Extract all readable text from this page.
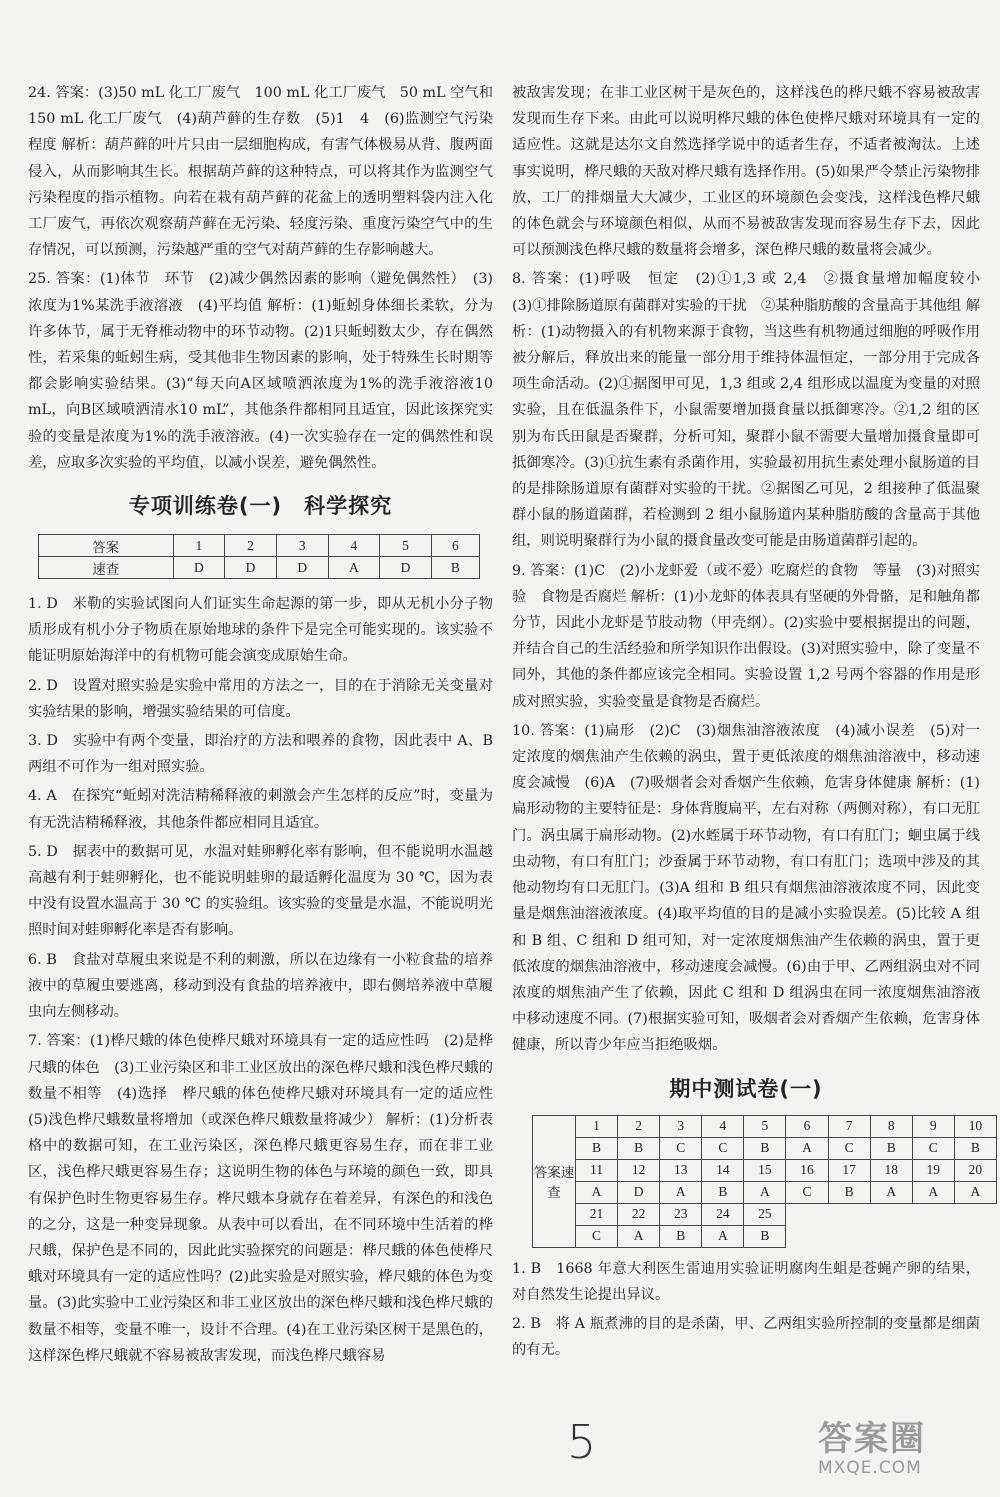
24. 答案：(3)50 mL 化工厂废气　100 mL 化工厂废气　50 mL 空气和150 mL 化工厂废气　(4)葫芦藓的生存数　(5)1　4　(6)监测空气污染程度 解析：葫芦藓的叶片只由一层细胞构成，有害气体极易从背、腹两面侵入，从而影响其生长。根据葫芦藓的这种特点，可以将其作为监测空气污染程度的指示植物。向若在栽有葫芦藓的花盆上的透明塑料袋内注入化工厂废气，再依次观察葫芦藓在无污染、轻度污染、重度污染空气中的生存情况，可以预测，污染越严重的空气对葫芦藓的生存影响越大。

25. 答案：(1)体节　环节　(2)减少偶然因素的影响（避免偶然性）　(3)浓度为1%某洗手液溶液　(4)平均值 解析：(1)蚯蚓身体细长柔软，分为许多体节，属于无脊椎动物中的环节动物。(2)1只蚯蚓数太少，存在偶然性，若采集的蚯蚓生病，受其他非生物因素的影响，处于特殊生长时期等都会影响实验结果。(3)“每天向A区域喷洒浓度为1%的洗手液溶液10 mL，向B区域喷洒清水10 mL”，其他条件都相同且适宜，因此该探究实验的变量是浓度为1%的洗手液溶液。(4)一次实验存在一定的偶然性和误差，应取多次实验的平均值，以减小误差，避免偶然性。

专项训练卷(一)　科学探究
答案	1	2	3	4	5	6
速查	D	D	D	A	D	B

1. D　米勒的实验试图向人们证实生命起源的第一步，即从无机小分子物质形成有机小分子物质在原始地球的条件下是完全可能实现的。该实验不能证明原始海洋中的有机物可能会演变成原始生命。

2. D　设置对照实验是实验中常用的方法之一，目的在于消除无关变量对实验结果的影响，增强实验结果的可信度。

3. D　实验中有两个变量，即治疗的方法和喂养的食物，因此表中 A、B 两组不可作为一组对照实验。

4. A　在探究“蚯蚓对洗洁精稀释液的刺激会产生怎样的反应”时，变量为有无洗洁精稀释液，其他条件都应相同且适宜。

5. D　据表中的数据可见，水温对蛙卵孵化率有影响，但不能说明水温越高越有利于蛙卵孵化，也不能说明蛙卵的最适孵化温度为 30 ℃，因为表中没有设置水温高于 30 ℃ 的实验组。该实验的变量是水温，不能说明光照时间对蛙卵孵化率是否有影响。

6. B　食盐对草履虫来说是不利的刺激，所以在边缘有一小粒食盐的培养液中的草履虫要逃离，移动到没有食盐的培养液中，即右侧培养液中草履虫向左侧移动。

7. 答案：(1)桦尺蛾的体色使桦尺蛾对环境具有一定的适应性吗　(2)是桦尺蛾的体色　(3)工业污染区和非工业区放出的深色桦尺蛾和浅色桦尺蛾的数量不相等　(4)选择　桦尺蛾的体色使桦尺蛾对环境具有一定的适应性　(5)浅色桦尺蛾数量将增加（或深色桦尺蛾数量将减少） 解析：(1)分析表格中的数据可知，在工业污染区，深色桦尺蛾更容易生存，而在非工业区，浅色桦尺蛾更容易生存；这说明生物的体色与环境的颜色一致，即具有保护色时生物更容易生存。桦尺蛾本身就存在着差异，有深色的和浅色的之分，这是一种变异现象。从表中可以看出，在不同环境中生活着的桦尺蛾，保护色是不同的，因此此实验探究的问题是：桦尺蛾的体色使桦尺蛾对环境具有一定的适应性吗？(2)此实验是对照实验，桦尺蛾的体色为变量。(3)此实验中工业污染区和非工业区放出的深色桦尺蛾和浅色桦尺蛾的数量不相等，变量不唯一，设计不合理。(4)在工业污染区树干是黑色的，这样深色桦尺蛾就不容易被敌害发现，而浅色桦尺蛾容易

被敌害发现；在非工业区树干是灰色的，这样浅色的桦尺蛾不容易被敌害发现而生存下来。由此可以说明桦尺蛾的体色使桦尺蛾对环境具有一定的适应性。这就是达尔文自然选择学说中的适者生存，不适者被淘汰。上述事实说明，桦尺蛾的天敌对桦尺蛾有选择作用。(5)如果严令禁止污染物排放，工厂的排烟量大大减少，工业区的环境颜色会变浅，这样浅色桦尺蛾的体色就会与环境颜色相似，从而不易被敌害发现而容易生存下去，因此可以预测浅色桦尺蛾的数量将会增多，深色桦尺蛾的数量将会减少。

8. 答案：(1)呼吸　恒定　(2)①1,3 或 2,4　②摄食量增加幅度较小　(3)①排除肠道原有菌群对实验的干扰　②某种脂肪酸的含量高于其他组 解析：(1)动物摄入的有机物来源于食物，当这些有机物通过细胞的呼吸作用被分解后，释放出来的能量一部分用于维持体温恒定，一部分用于完成各项生命活动。(2)①据图甲可见，1,3 组或 2,4 组形成以温度为变量的对照实验，且在低温条件下，小鼠需要增加摄食量以抵御寒冷。②1,2 组的区别为布氏田鼠是否聚群，分析可知，聚群小鼠不需要大量增加摄食量即可抵御寒冷。(3)①抗生素有杀菌作用，实验最初用抗生素处理小鼠肠道的目的是排除肠道原有菌群对实验的干扰。②据图乙可见，2 组接种了低温聚群小鼠的肠道菌群，若检测到 2 组小鼠肠道内某种脂肪酸的含量高于其他组，则说明聚群行为小鼠的摄食量改变可能是由肠道菌群引起的。

9. 答案：(1)C　(2)小龙虾爱（或不爱）吃腐烂的食物　等量　(3)对照实验　食物是否腐烂 解析：(1)小龙虾的体表具有坚硬的外骨骼，足和触角都分节，因此小龙虾是节肢动物（甲壳纲）。(2)实验中要根据提出的问题，并结合自己的生活经验和所学知识作出假设。(3)对照实验中，除了变量不同外，其他的条件都应该完全相同。实验设置 1,2 号两个容器的作用是形成对照实验，实验变量是食物是否腐烂。

10. 答案：(1)扁形　(2)C　(3)烟焦油溶液浓度　(4)减小误差　(5)对一定浓度的烟焦油产生依赖的涡虫，置于更低浓度的烟焦油溶液中，移动速度会减慢　(6)A　(7)吸烟者会对香烟产生依赖，危害身体健康 解析：(1)扁形动物的主要特征是：身体背腹扁平，左右对称（两侧对称），有口无肛门。涡虫属于扁形动物。(2)水蛭属于环节动物，有口有肛门；蛔虫属于线虫动物，有口有肛门；沙蚕属于环节动物，有口有肛门；选项中涉及的其他动物均有口无肛门。(3)A 组和 B 组只有烟焦油溶液浓度不同，因此变量是烟焦油溶液浓度。(4)取平均值的目的是减小实验误差。(5)比较 A 组和 B 组、C 组和 D 组可知，对一定浓度烟焦油产生依赖的涡虫，置于更低浓度的烟焦油溶液中，移动速度会减慢。(6)由于甲、乙两组涡虫对不同浓度的烟焦油产生了依赖，因此 C 组和 D 组涡虫在同一浓度烟焦油溶液中移动速度不同。(7)根据实验可知，吸烟者会对香烟产生依赖，危害身体健康，所以青少年应当拒绝吸烟。

期中测试卷(一)
答案速查	1	2	3	4	5	6	7	8	9	10
	B	B	C	C	B	A	C	B	C	B
	11	12	13	14	15	16	17	18	19	20
	A	D	A	B	A	C	B	A	A	A
	21	22	23	24	25					
	C	A	B	A	B					

1. B　1668 年意大利医生雷迪用实验证明腐肉生蛆是苍蝇产卵的结果，对自然发生论提出异议。

2. B　将 A 瓶煮沸的目的是杀菌，甲、乙两组实验所控制的变量都是细菌的有无。

5	答案圈
MXQE.COM
